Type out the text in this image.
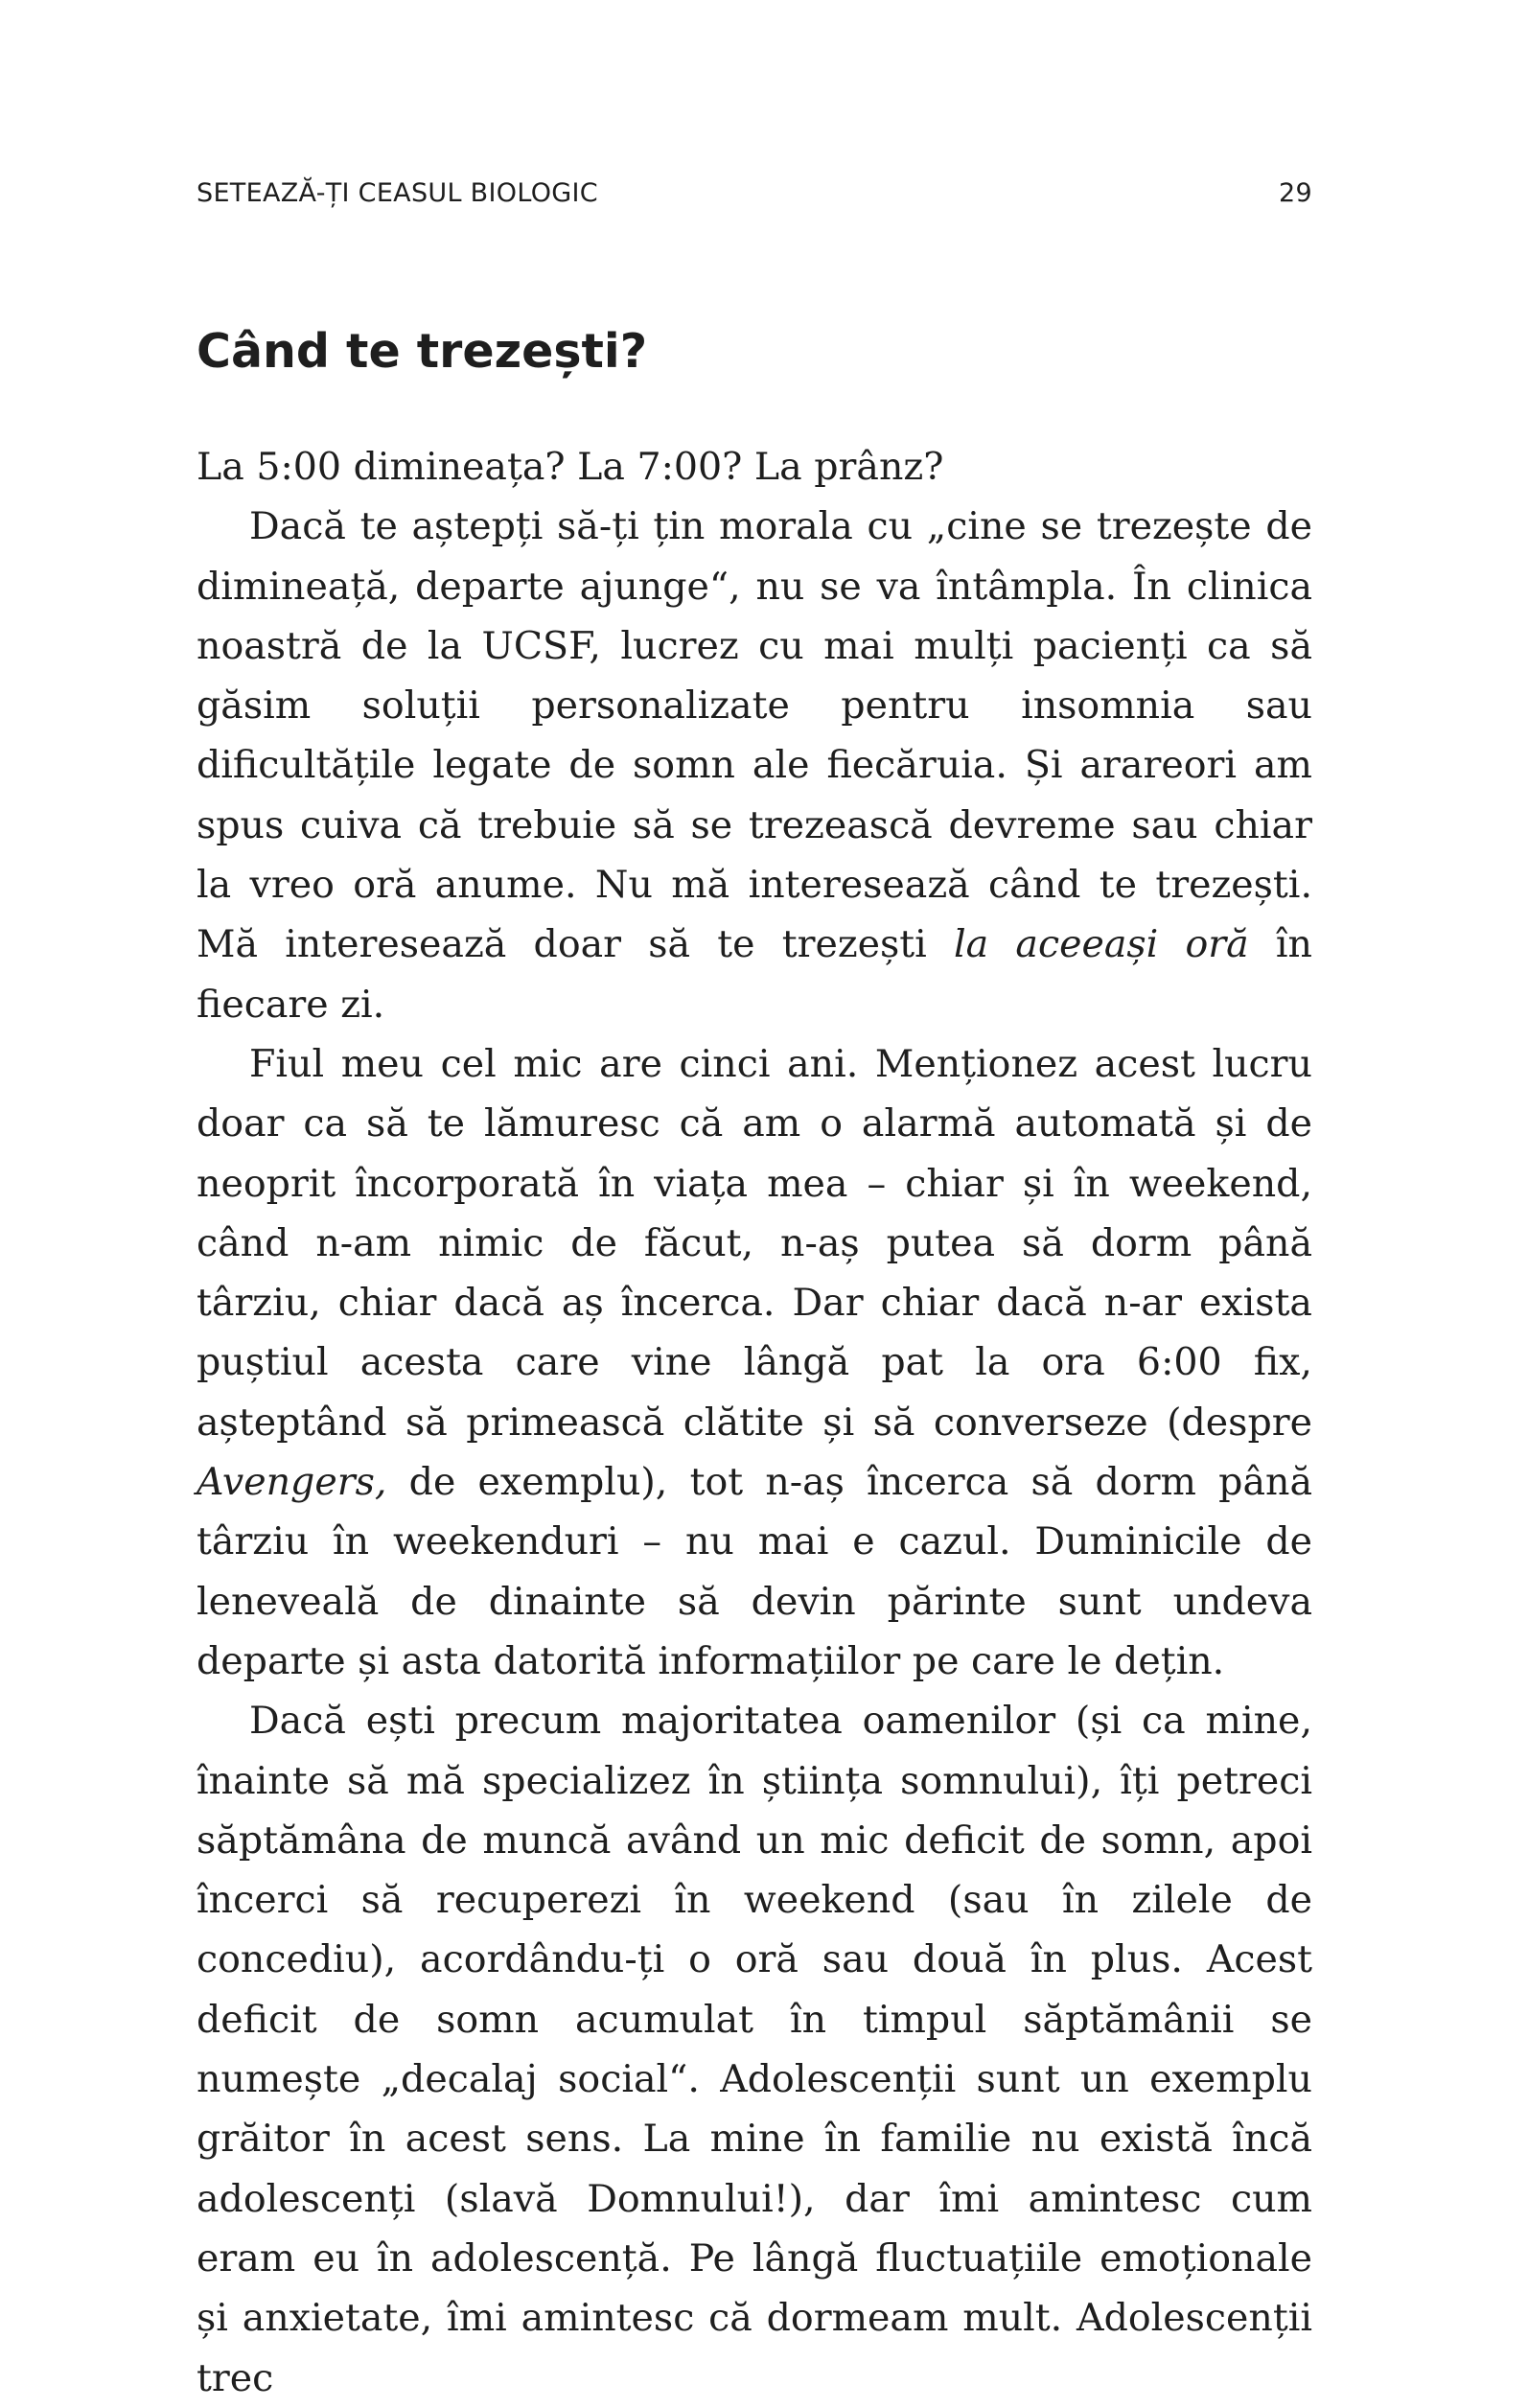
SETEAZĂ-ȚI CEASUL BIOLOGIC	29
Când te trezești?

La 5:00 dimineața? La 7:00? La prânz?

Dacă te aștepți să-ți țin morala cu „cine se trezește de dimineață, departe ajunge“, nu se va întâmpla. În clinica noastră de la UCSF, lucrez cu mai mulți pacienți ca să găsim soluții personalizate pentru insomnia sau dificultățile legate de somn ale fiecăruia. Și arareori am spus cuiva că trebuie să se trezească devreme sau chiar la vreo oră anume. Nu mă interesează când te trezești. Mă interesează doar să te trezești la aceeași oră în fiecare zi.

Fiul meu cel mic are cinci ani. Menționez acest lucru doar ca să te lămuresc că am o alarmă automată și de neoprit încorporată în viața mea – chiar și în weekend, când n-am nimic de făcut, n-aș putea să dorm până târziu, chiar dacă aș încerca. Dar chiar dacă n-ar exista puștiul acesta care vine lângă pat la ora 6:00 fix, așteptând să primească clătite și să converseze (despre Avengers, de exemplu), tot n-aș încerca să dorm până târziu în weekenduri – nu mai e cazul. Duminicile de leneveală de dinainte să devin părinte sunt undeva departe și asta datorită informațiilor pe care le dețin.

Dacă ești precum majoritatea oamenilor (și ca mine, înainte să mă specializez în știința somnului), îți petreci săptămâna de muncă având un mic deficit de somn, apoi încerci să recuperezi în weekend (sau în zilele de concediu), acordându-ți o oră sau două în plus. Acest deficit de somn acumulat în timpul săptămânii se numește „decalaj social“. Adolescenții sunt un exemplu grăitor în acest sens. La mine în familie nu există încă adolescenți (slavă Domnului!), dar îmi amintesc cum eram eu în adolescență. Pe lângă fluctuațiile emoționale și anxietate, îmi amintesc că dormeam mult. Adolescenții trec
